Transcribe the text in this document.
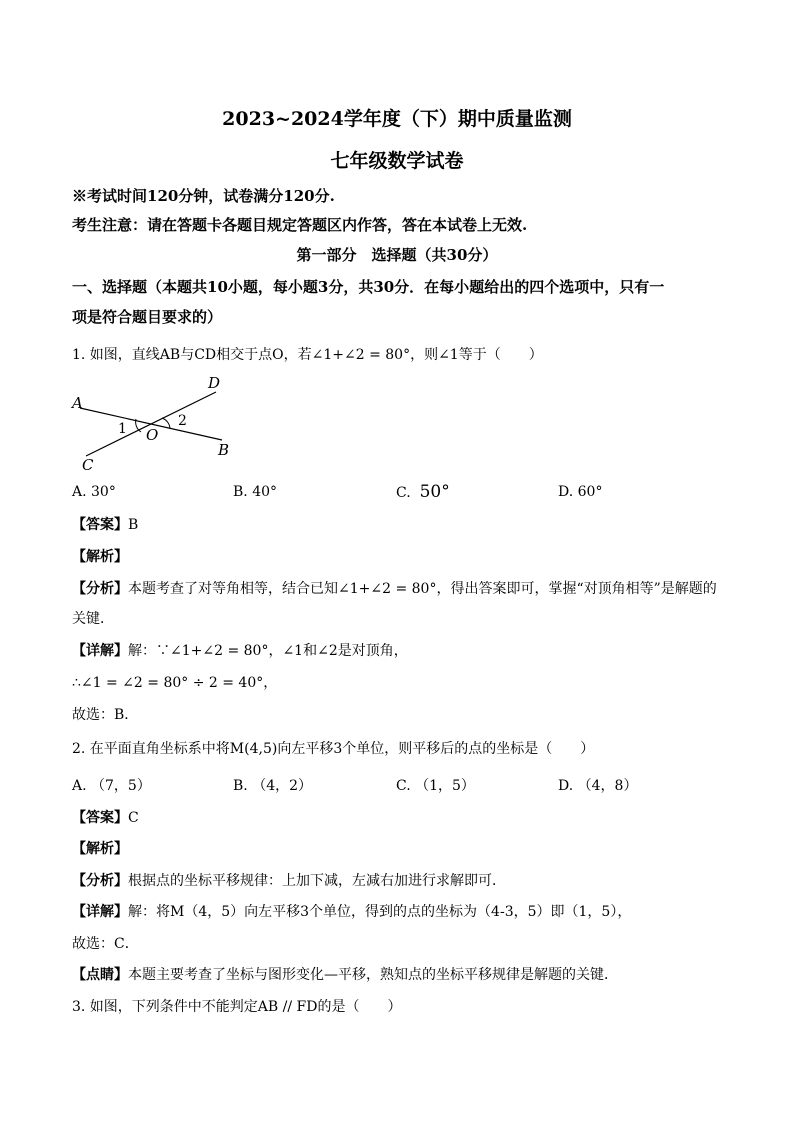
2023~2024学年度（下）期中质量监测
七年级数学试卷
※考试时间120分钟，试卷满分120分.
考生注意：请在答题卡各题目规定答题区内作答，答在本试卷上无效.
第一部分　选择题（共30分）
一、选择题（本题共10小题，每小题3分，共30分．在每小题给出的四个选项中，只有一
项是符合题目要求的）
1. 如图，直线AB与CD相交于点O，若∠1+∠2 = 80°，则∠1等于（　　）
A
B
C
D
O
1	2
A. 30°	B. 40°	C. 50°	D. 60°
【答案】B
【解析】
【分析】本题考查了对等角相等，结合已知∠1+∠2 = 80°，得出答案即可，掌握“对顶角相等”是解题的
关键．
【详解】解：∵∠1+∠2 = 80°，∠1和∠2是对顶角，
∴∠1 = ∠2 = 80° ÷ 2 = 40°，
故选：B．
2. 在平面直角坐标系中将M(4,5)向左平移3个单位，则平移后的点的坐标是（　　）
A. （7，5）	B. （4，2）	C. （1，5）	D. （4，8）
【答案】C
【解析】
【分析】根据点的坐标平移规律：上加下减，左减右加进行求解即可．
【详解】解：将M（4，5）向左平移3个单位，得到的点的坐标为（4-3，5）即（1，5），
故选：C．
【点睛】本题主要考查了坐标与图形变化—平移，熟知点的坐标平移规律是解题的关键．
3. 如图，下列条件中不能判定AB // FD的是（　　）
